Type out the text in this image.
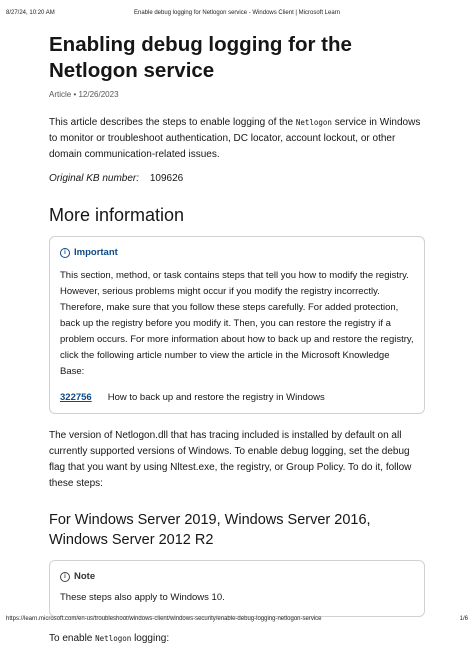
8/27/24, 10:20 AM	Enable debug logging for Netlogon service - Windows Client | Microsoft Learn
Enabling debug logging for the Netlogon service
Article • 12/26/2023

This article describes the steps to enable logging of the Netlogon service in Windows to monitor or troubleshoot authentication, DC locator, account lockout, or other domain communication-related issues.

Original KB number: 109626
More information
i Important

This section, method, or task contains steps that tell you how to modify the registry. However, serious problems might occur if you modify the registry incorrectly. Therefore, make sure that you follow these steps carefully. For added protection, back up the registry before you modify it. Then, you can restore the registry if a problem occurs. For more information about how to back up and restore the registry, click the following article number to view the article in the Microsoft Knowledge Base:

322756 How to back up and restore the registry in Windows

The version of Netlogon.dll that has tracing included is installed by default on all currently supported versions of Windows. To enable debug logging, set the debug flag that you want by using Nltest.exe, the registry, or Group Policy. To do it, follow these steps:

For Windows Server 2019, Windows Server 2016, Windows Server 2012 R2
i Note

These steps also apply to Windows 10.

To enable Netlogon logging:

https://learn.microsoft.com/en-us/troubleshoot/windows-client/windows-security/enable-debug-logging-netlogon-service	1/6
